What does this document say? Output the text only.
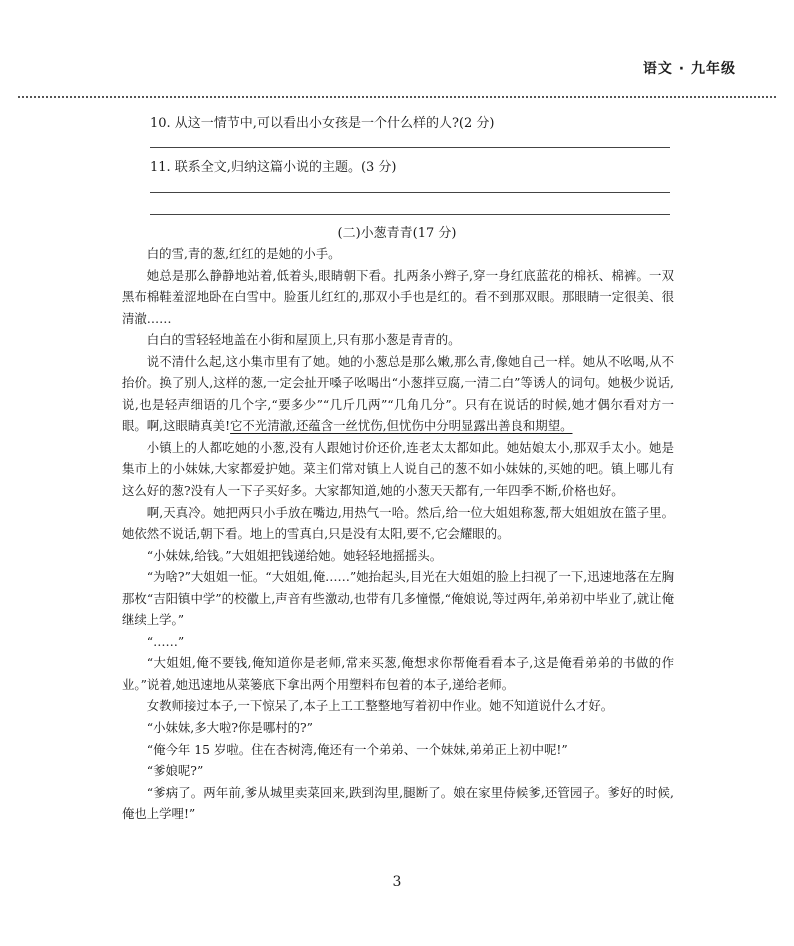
语文 · 九年级
10. 从这一情节中,可以看出小女孩是一个什么样的人?(2 分)
11. 联系全文,归纳这篇小说的主题。(3 分)
(二)小葱青青(17 分)

白的雪,青的葱,红红的是她的小手。

她总是那么静静地站着,低着头,眼睛朝下看。扎两条小辫子,穿一身红底蓝花的棉袄、棉裤。一双黑布棉鞋羞涩地卧在白雪中。脸蛋儿红红的,那双小手也是红的。看不到那双眼。那眼睛一定很美、很清澈……

白白的雪轻轻地盖在小街和屋顶上,只有那小葱是青青的。

说不清什么起,这小集市里有了她。她的小葱总是那么嫩,那么青,像她自己一样。她从不吆喝,从不抬价。换了别人,这样的葱,一定会扯开嗓子吆喝出“小葱拌豆腐,一清二白”等诱人的词句。她极少说话,说,也是轻声细语的几个字,“要多少”“几斤几两”“几角几分”。只有在说话的时候,她才偶尔看对方一眼。啊,这眼睛真美!它不光清澈,还蕴含一丝忧伤,但忧伤中分明显露出善良和期望。

小镇上的人都吃她的小葱,没有人跟她讨价还价,连老太太都如此。她姑娘太小,那双手太小。她是集市上的小妹妹,大家都爱护她。菜主们常对镇上人说自己的葱不如小妹妹的,买她的吧。镇上哪儿有这么好的葱?没有人一下子买好多。大家都知道,她的小葱天天都有,一年四季不断,价格也好。

啊,天真冷。她把两只小手放在嘴边,用热气一哈。然后,给一位大姐姐称葱,帮大姐姐放在篮子里。她依然不说话,朝下看。地上的雪真白,只是没有太阳,要不,它会耀眼的。

“小妹妹,给钱。”大姐姐把钱递给她。她轻轻地摇摇头。

“为啥?”大姐姐一怔。“大姐姐,俺……”她抬起头,目光在大姐姐的脸上扫视了一下,迅速地落在左胸那枚“吉阳镇中学”的校徽上,声音有些激动,也带有几多憧憬,“俺娘说,等过两年,弟弟初中毕业了,就让俺继续上学。”

“……”

“大姐姐,俺不要钱,俺知道你是老师,常来买葱,俺想求你帮俺看看本子,这是俺看弟弟的书做的作业。”说着,她迅速地从菜篓底下拿出两个用塑料布包着的本子,递给老师。

女教师接过本子,一下惊呆了,本子上工工整整地写着初中作业。她不知道说什么才好。

“小妹妹,多大啦?你是哪村的?”

“俺今年 15 岁啦。住在杏树湾,俺还有一个弟弟、一个妹妹,弟弟正上初中呢!”

“爹娘呢?”

“爹病了。两年前,爹从城里卖菜回来,跌到沟里,腿断了。娘在家里侍候爹,还管园子。爹好的时候,俺也上学哩!”

3
